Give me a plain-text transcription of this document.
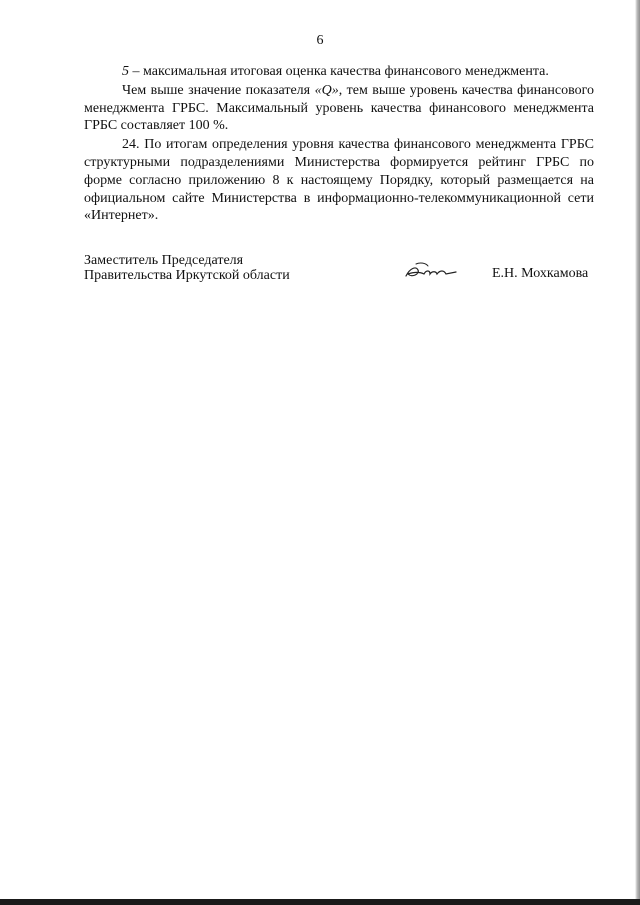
6

5 – максимальная итоговая оценка качества финансового менеджмента.

Чем выше значение показателя «Q», тем выше уровень качества финансового менеджмента ГРБС. Максимальный уровень качества финансового менеджмента ГРБС составляет 100 %.

24. По итогам определения уровня качества финансового менеджмента ГРБС структурными подразделениями Министерства формируется рейтинг ГРБС по форме согласно приложению 8 к настоящему Порядку, который размещается на официальном сайте Министерства в информационно-телекоммуникационной сети «Интернет».

Заместитель Председателя
Правительства Иркутской области	Е.Н. Мохкамова
